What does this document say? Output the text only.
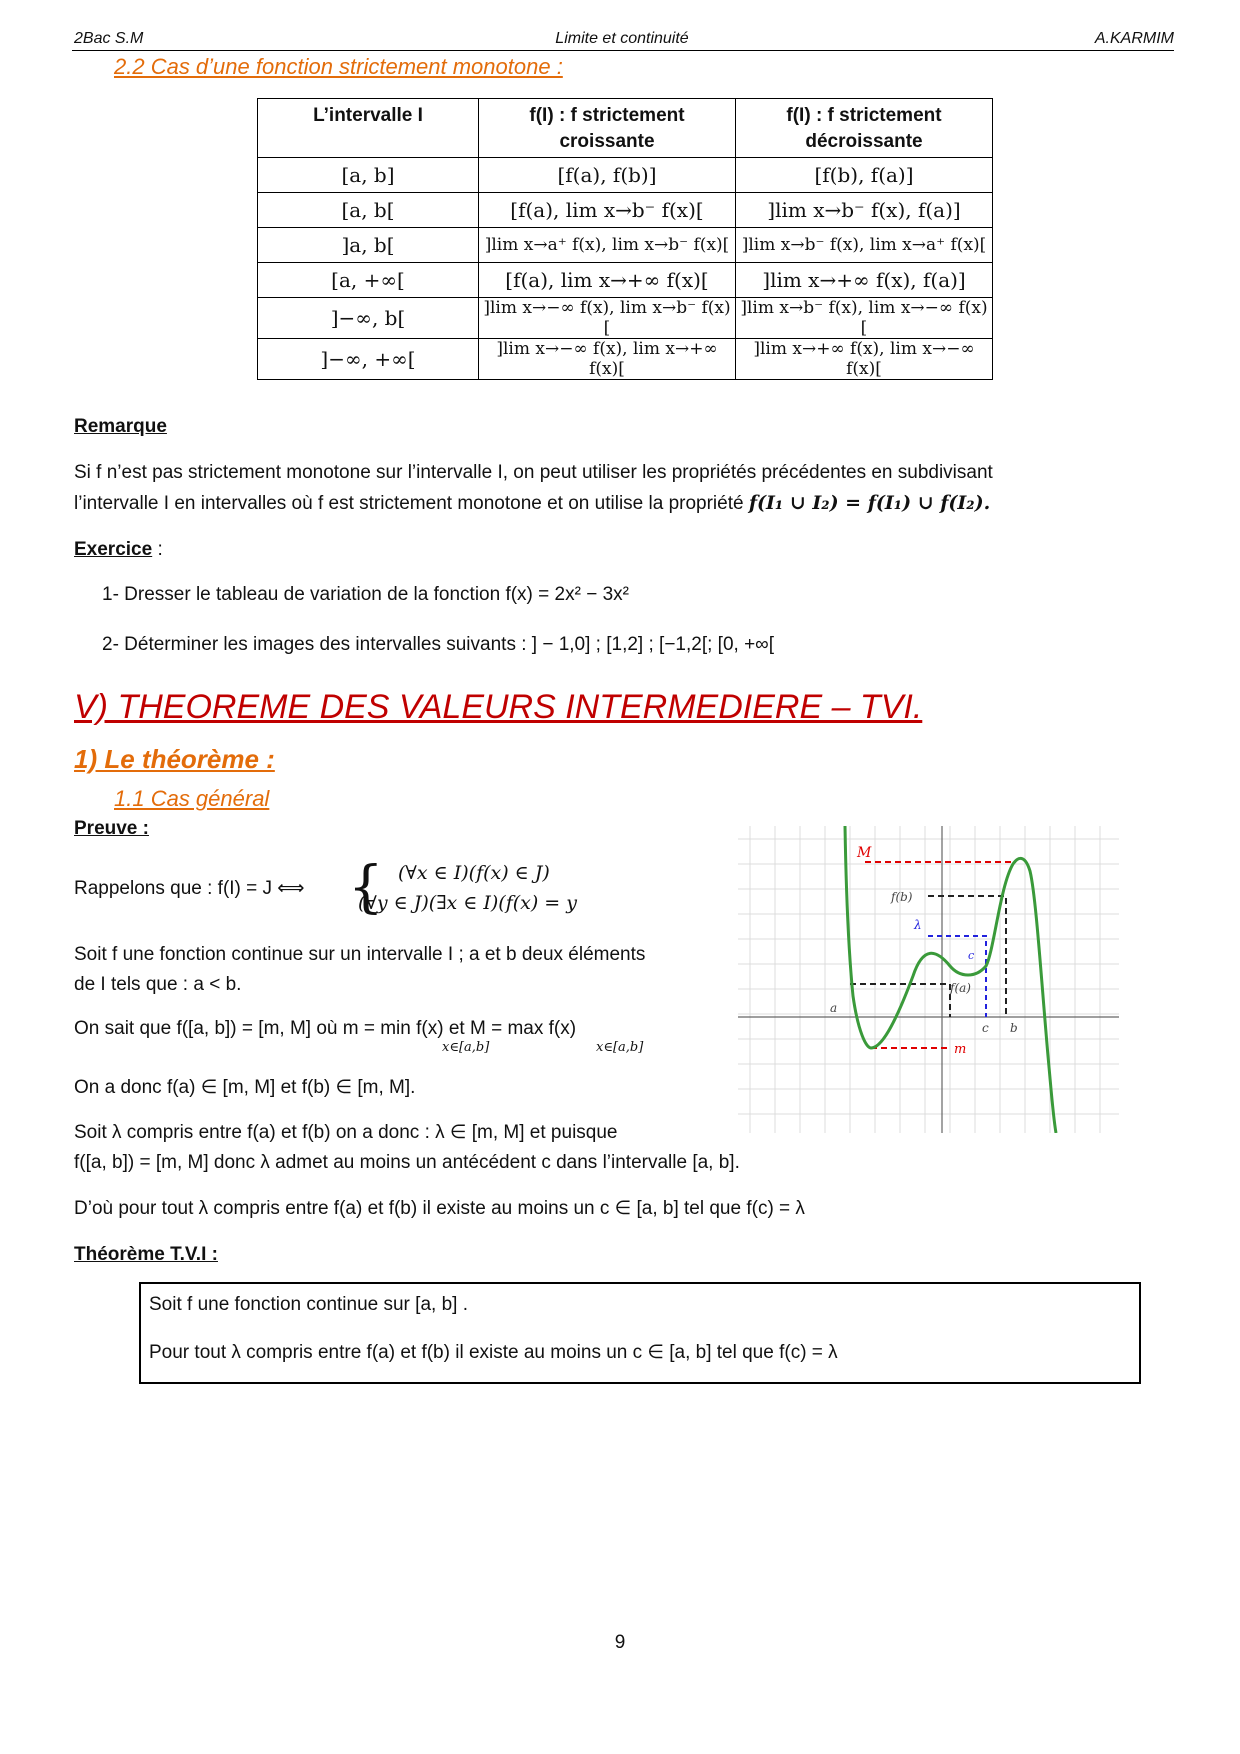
2Bac S.M	Limite et continuité	A.KARMIM
2.2 Cas d’une fonction strictement monotone :
L’intervalle I	f(I) : f strictement croissante	f(I) : f strictement décroissante
[a, b]	[f(a), f(b)]	[f(b), f(a)]
[a, b[	[f(a), lim x→b⁻ f(x)[	]lim x→b⁻ f(x), f(a)]
]a, b[	]lim x→a⁺ f(x), lim x→b⁻ f(x)[	]lim x→b⁻ f(x), lim x→a⁺ f(x)[
[a, +∞[	[f(a), lim x→+∞ f(x)[	]lim x→+∞ f(x), f(a)]
]−∞, b[	]lim x→−∞ f(x), lim x→b⁻ f(x)[	]lim x→b⁻ f(x), lim x→−∞ f(x)[
]−∞, +∞[	]lim x→−∞ f(x), lim x→+∞ f(x)[	]lim x→+∞ f(x), lim x→−∞ f(x)[
Remarque
Si f n’est pas strictement monotone sur l’intervalle I, on peut utiliser les propriétés précédentes en subdivisant
l’intervalle I en intervalles où f est strictement monotone et on utilise la propriété f(I₁ ∪ I₂) = f(I₁) ∪ f(I₂).
Exercice :
1- Dresser le tableau de variation de la fonction f(x) = 2x² − 3x²
2- Déterminer les images des intervalles suivants : ] − 1,0] ; [1,2] ; [−1,2[; [0, +∞[
V) THEOREME DES VALEURS INTERMEDIERE – TVI.
1) Le théorème :
1.1 Cas général
Preuve :
Rappelons que : f(I) = J ⟺ { (∀x ∈ I)(f(x) ∈ J)
(∀y ∈ J)(∃x ∈ I)(f(x) = y
Soit f une fonction continue sur un intervalle I ; a et b deux éléments
de I tels que : a < b.
On sait que f([a, b]) = [m, M] où m = min f(x) et M = max f(x)
x∈[a,b]	x∈[a,b]
On a donc f(a) ∈ [m, M] et f(b) ∈ [m, M].
Soit λ compris entre f(a) et f(b) on a donc : λ ∈ [m, M] et puisque
f([a, b]) = [m, M] donc λ admet au moins un antécédent c dans l’intervalle [a, b].
D’où pour tout λ compris entre f(a) et f(b) il existe au moins un c ∈ [a, b] tel que f(c) = λ
M
f(b)
λ
c
f(a)
a
c b
m
Théorème T.V.I :
Soit f une fonction continue sur [a, b] .
Pour tout λ compris entre f(a) et f(b) il existe au moins un c ∈ [a, b] tel que f(c) = λ
9
